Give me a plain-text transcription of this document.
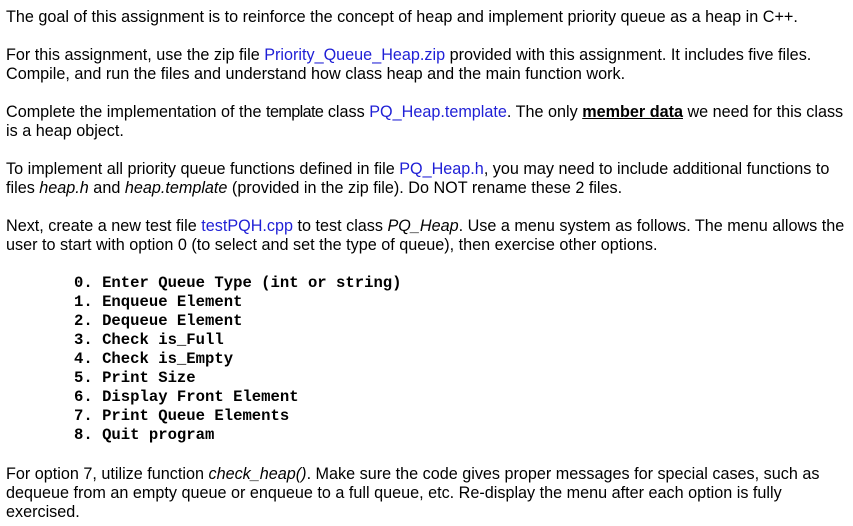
The goal of this assignment is to reinforce the concept of heap and implement priority queue as a heap in C++.

For this assignment, use the zip file Priority_Queue_Heap.zip provided with this assignment. It includes five files. Compile, and run the files and understand how class heap and the main function work.

Complete the implementation of the template class PQ_Heap.template. The only member data we need for this class is a heap object.

To implement all priority queue functions defined in file PQ_Heap.h, you may need to include additional functions to files heap.h and heap.template (provided in the zip file). Do NOT rename these 2 files.

Next, create a new test file testPQH.cpp to test class PQ_Heap. Use a menu system as follows. The menu allows the user to start with option 0 (to select and set the type of queue), then exercise other options.

0. Enter Queue Type (int or string)
1. Enqueue Element
2. Dequeue Element
3. Check is_Full
4. Check is_Empty
5. Print Size
6. Display Front Element
7. Print Queue Elements
8. Quit program

For option 7, utilize function check_heap(). Make sure the code gives proper messages for special cases, such as dequeue from an empty queue or enqueue to a full queue, etc. Re-display the menu after each option is fully exercised.
